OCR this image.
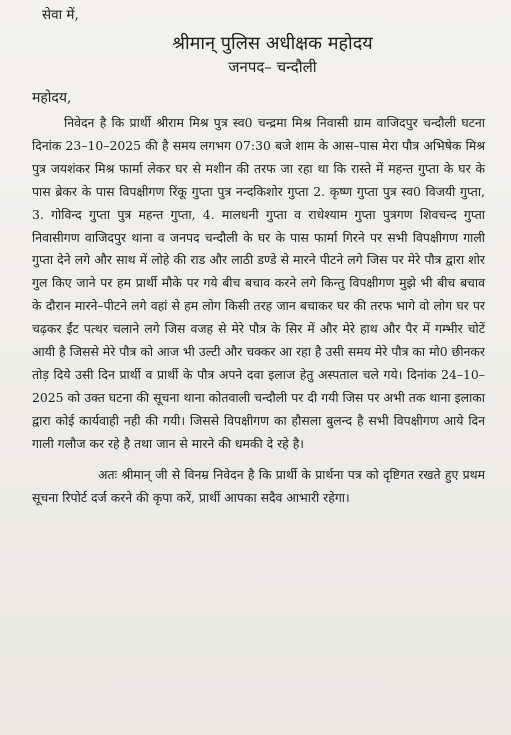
सेवा में,

श्रीमान् पुलिस अधीक्षक महोदय

जनपद– चन्दौली

महोदय,

निवेदन है कि प्रार्थी श्रीराम मिश्र पुत्र स्व0 चन्द्रमा मिश्र निवासी ग्राम वाजिदपुर चन्दौली घटना दिनांक 23–10–2025 की है समय लगभग 07:30 बजे शाम के आस–पास मेरा पौत्र अभिषेक मिश्र पुत्र जयशंकर मिश्र फार्मा लेकर घर से मशीन की तरफ जा रहा था कि रास्ते में महन्त गुप्ता के घर के पास ब्रेकर के पास विपक्षीगण रिंकू गुप्ता पुत्र नन्दकिशोर गुप्ता 2. कृष्ण गुप्ता पुत्र स्व0 विजयी गुप्ता, 3. गोविन्द गुप्ता पुत्र महन्त गुप्ता, 4. मालधनी गुप्ता व राधेश्याम गुप्ता पुत्रगण शिवचन्द गुप्ता निवासीगण वाजिदपुर थाना व जनपद चन्दौली के घर के पास फार्मा गिरने पर सभी विपक्षीगण गाली गुप्ता देने लगे और साथ में लोहे की राड और लाठी डण्डे से मारने पीटने लगे जिस पर मेरे पौत्र द्वारा शोर गुल किए जाने पर हम प्रार्थी मौके पर गये बीच बचाव करने लगे किन्तु विपक्षीगण मुझे भी बीच बचाव के दौरान मारने–पीटने लगे वहां से हम लोग किसी तरह जान बचाकर घर की तरफ भागे वो लोग घर पर चढ़कर ईंट पत्थर चलाने लगे जिस वजह से मेरे पौत्र के सिर में और मेरे हाथ और पैर में गम्भीर चोटें आयी है जिससे मेरे पौत्र को आज भी उल्टी और चक्कर आ रहा है उसी समय मेरे पौत्र का मो0 छीनकर तोड़ दिये उसी दिन प्रार्थी व प्रार्थी के पौत्र अपने दवा इलाज हेतु अस्पताल चले गये। दिनांक 24–10–2025 को उक्त घटना की सूचना थाना कोतवाली चन्दौली पर दी गयी जिस पर अभी तक थाना इलाका द्वारा कोई कार्यवाही नही की गयी। जिससे विपक्षीगण का हौसला बुलन्द है सभी विपक्षीगण आये दिन गाली गलौज कर रहे है तथा जान से मारने की धमकी दे रहे है।

अतः श्रीमान् जी से विनम्र निवेदन है कि प्रार्थी के प्रार्थना पत्र को दृष्टिगत रखते हुए प्रथम सूचना रिपोर्ट दर्ज करने की कृपा करें, प्रार्थी आपका सदैव आभारी रहेगा।
